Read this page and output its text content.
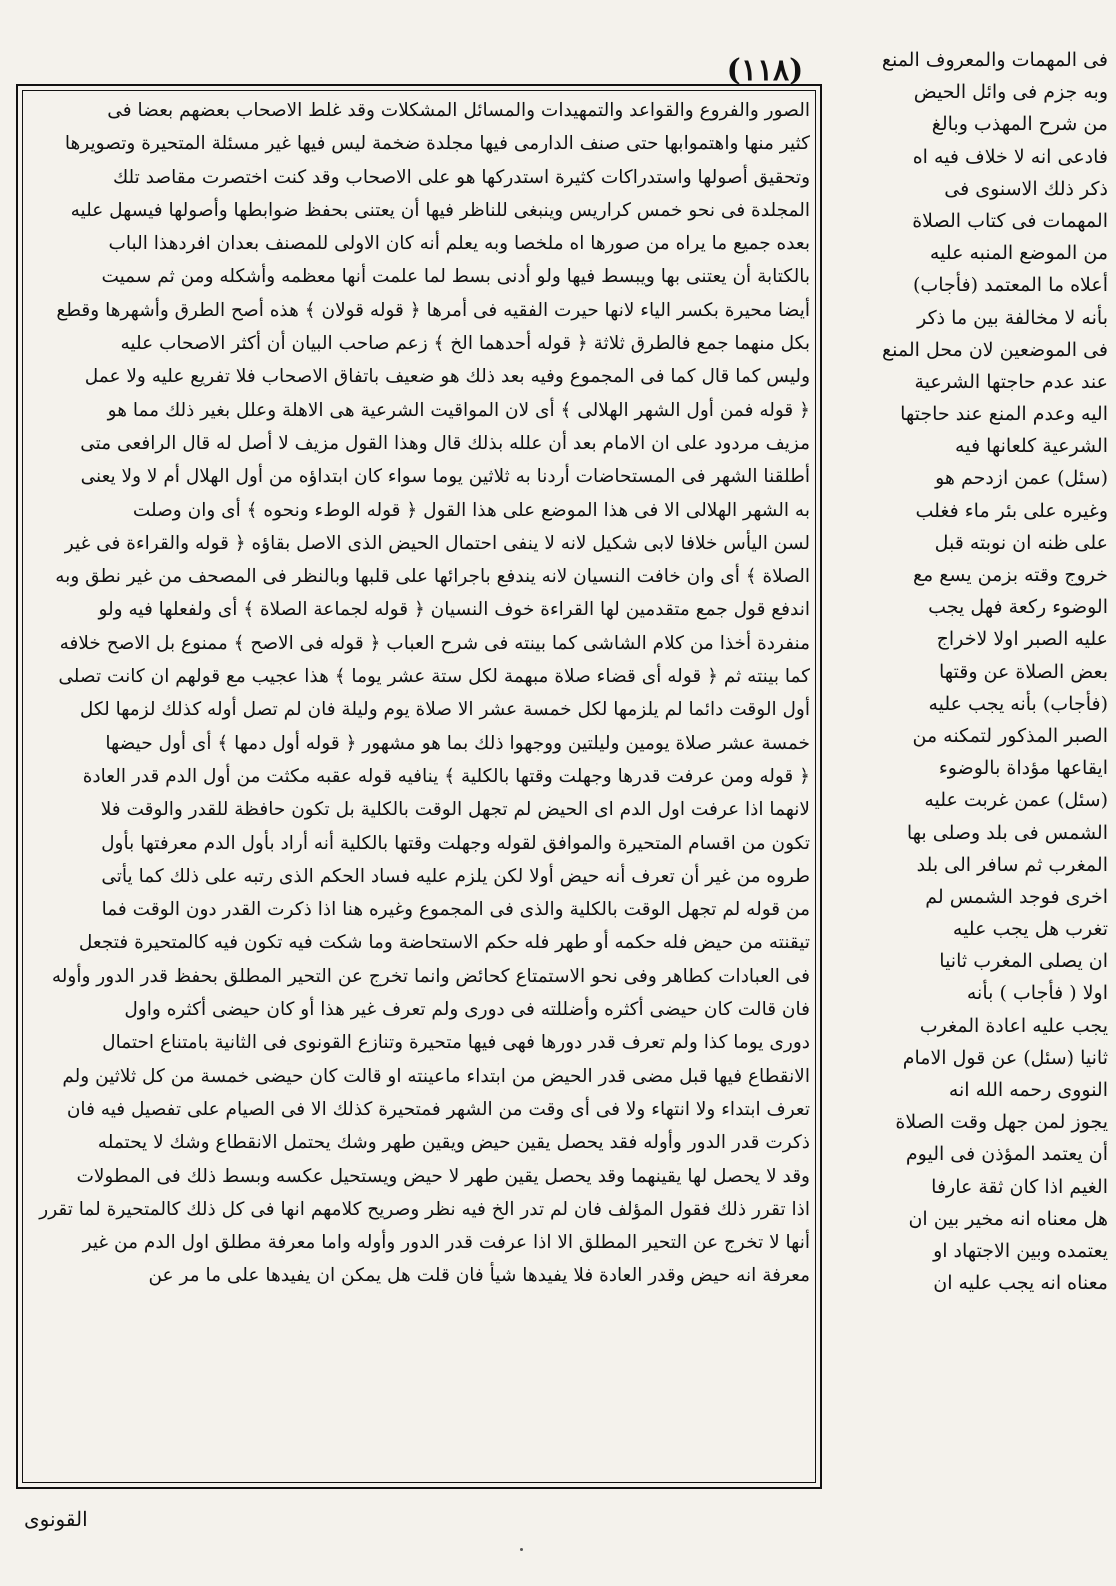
(١١٨)
الصور والفروع والقواعد والتمهيدات والمسائل المشكلات وقد غلط الاصحاب بعضهم بعضا فى
كثير منها واهتموابها حتى صنف الدارمى فيها مجلدة ضخمة ليس فيها غير مسئلة المتحيرة وتصويرها
وتحقيق أصولها واستدراكات كثيرة استدركها هو على الاصحاب وقد كنت اختصرت مقاصد تلك
المجلدة فى نحو خمس كراريس وينبغى للناظر فيها أن يعتنى بحفظ ضوابطها وأصولها فيسهل عليه
بعده جميع ما يراه من صورها اه ملخصا وبه يعلم أنه كان الاولى للمصنف بعدان افردهذا الباب
بالكتابة أن يعتنى بها ويبسط فيها ولو أدنى بسط لما علمت أنها معظمه وأشكله ومن ثم سميت
أيضا محيرة بكسر الياء لانها حيرت الفقيه فى أمرها ﴿ قوله قولان ﴾ هذه أصح الطرق وأشهرها وقطع
بكل منهما جمع فالطرق ثلاثة ﴿ قوله أحدهما الخ ﴾ زعم صاحب البيان أن أكثر الاصحاب عليه
وليس كما قال كما فى المجموع وفيه بعد ذلك هو ضعيف باتفاق الاصحاب فلا تفريع عليه ولا عمل
﴿ قوله فمن أول الشهر الهلالى ﴾ أى لان المواقيت الشرعية هى الاهلة وعلل بغير ذلك مما هو
مزيف مردود على ان الامام بعد أن علله بذلك قال وهذا القول مزيف لا أصل له قال الرافعى متى
أطلقنا الشهر فى المستحاضات أردنا به ثلاثين يوما سواء كان ابتداؤه من أول الهلال أم لا ولا يعنى
به الشهر الهلالى الا فى هذا الموضع على هذا القول ﴿ قوله الوطء ونحوه ﴾ أى وان وصلت
لسن اليأس خلافا لابى شكيل لانه لا ينفى احتمال الحيض الذى الاصل بقاؤه ﴿ قوله والقراءة فى غير
الصلاة ﴾ أى وان خافت النسيان لانه يندفع باجرائها على قلبها وبالنظر فى المصحف من غير نطق وبه
اندفع قول جمع متقدمين لها القراءة خوف النسيان ﴿ قوله لجماعة الصلاة ﴾ أى ولفعلها فيه ولو
منفردة أخذا من كلام الشاشى كما بينته فى شرح العباب ﴿ قوله فى الاصح ﴾ ممنوع بل الاصح خلافه
كما بينته ثم ﴿ قوله أى قضاء صلاة مبهمة لكل ستة عشر يوما ﴾ هذا عجيب مع قولهم ان كانت تصلى
أول الوقت دائما لم يلزمها لكل خمسة عشر الا صلاة يوم وليلة فان لم تصل أوله كذلك لزمها لكل
خمسة عشر صلاة يومين وليلتين ووجهوا ذلك بما هو مشهور ﴿ قوله أول دمها ﴾ أى أول حيضها
﴿ قوله ومن عرفت قدرها وجهلت وقتها بالكلية ﴾ ينافيه قوله عقبه مكثت من أول الدم قدر العادة
لانهما اذا عرفت اول الدم اى الحيض لم تجهل الوقت بالكلية بل تكون حافظة للقدر والوقت فلا
تكون من اقسام المتحيرة والموافق لقوله وجهلت وقتها بالكلية أنه أراد بأول الدم معرفتها بأول
طروه من غير أن تعرف أنه حيض أولا لكن يلزم عليه فساد الحكم الذى رتبه على ذلك كما يأتى
من قوله لم تجهل الوقت بالكلية والذى فى المجموع وغيره هنا اذا ذكرت القدر دون الوقت فما
تيقنته من حيض فله حكمه أو طهر فله حكم الاستحاضة وما شكت فيه تكون فيه كالمتحيرة فتجعل
فى العبادات كطاهر وفى نحو الاستمتاع كحائض وانما تخرج عن التحير المطلق بحفظ قدر الدور وأوله
فان قالت كان حيضى أكثره وأضللته فى دورى ولم تعرف غير هذا أو كان حيضى أكثره واول
دورى يوما كذا ولم تعرف قدر دورها فهى فيها متحيرة وتنازع القونوى فى الثانية بامتناع احتمال
الانقطاع فيها قبل مضى قدر الحيض من ابتداء ماعينته او قالت كان حيضى خمسة من كل ثلاثين ولم
تعرف ابتداء ولا انتهاء ولا فى أى وقت من الشهر فمتحيرة كذلك الا فى الصيام على تفصيل فيه فان
ذكرت قدر الدور وأوله فقد يحصل يقين حيض ويقين طهر وشك يحتمل الانقطاع وشك لا يحتمله
وقد لا يحصل لها يقينهما وقد يحصل يقين طهر لا حيض ويستحيل عكسه وبسط ذلك فى المطولات
اذا تقرر ذلك فقول المؤلف فان لم تدر الخ فيه نظر وصريح كلامهم انها فى كل ذلك كالمتحيرة لما تقرر
أنها لا تخرج عن التحير المطلق الا اذا عرفت قدر الدور وأوله واما معرفة مطلق اول الدم من غير
معرفة انه حيض وقدر العادة فلا يفيدها شيأ فان قلت هل يمكن ان يفيدها على ما مر عن
فى المهمات والمعروف المنع
وبه جزم فى وائل الحيض
من شرح المهذب وبالغ
فادعى انه لا خلاف فيه اه
ذكر ذلك الاسنوى فى
المهمات فى كتاب الصلاة
من الموضع المنبه عليه
أعلاه ما المعتمد (فأجاب)
بأنه لا مخالفة بين ما ذكر
فى الموضعين لان محل المنع
عند عدم حاجتها الشرعية
اليه وعدم المنع عند حاجتها
الشرعية كلعانها فيه
(سئل) عمن ازدحم هو
وغيره على بئر ماء فغلب
على ظنه ان نوبته قبل
خروج وقته بزمن يسع مع
الوضوء ركعة فهل يجب
عليه الصبر اولا لاخراج
بعض الصلاة عن وقتها
(فأجاب) بأنه يجب عليه
الصبر المذكور لتمكنه من
ايقاعها مؤداة بالوضوء
(سئل) عمن غربت عليه
الشمس فى بلد وصلى بها
المغرب ثم سافر الى بلد
اخرى فوجد الشمس لم
تغرب هل يجب عليه
ان يصلى المغرب ثانيا
اولا ( فأجاب ) بأنه
يجب عليه اعادة المغرب
ثانيا (سئل) عن قول الامام
النووى رحمه الله انه
يجوز لمن جهل وقت الصلاة
أن يعتمد المؤذن فى اليوم
الغيم اذا كان ثقة عارفا
هل معناه انه مخير بين ان
يعتمده وبين الاجتهاد او
معناه انه يجب عليه ان
القونوى
